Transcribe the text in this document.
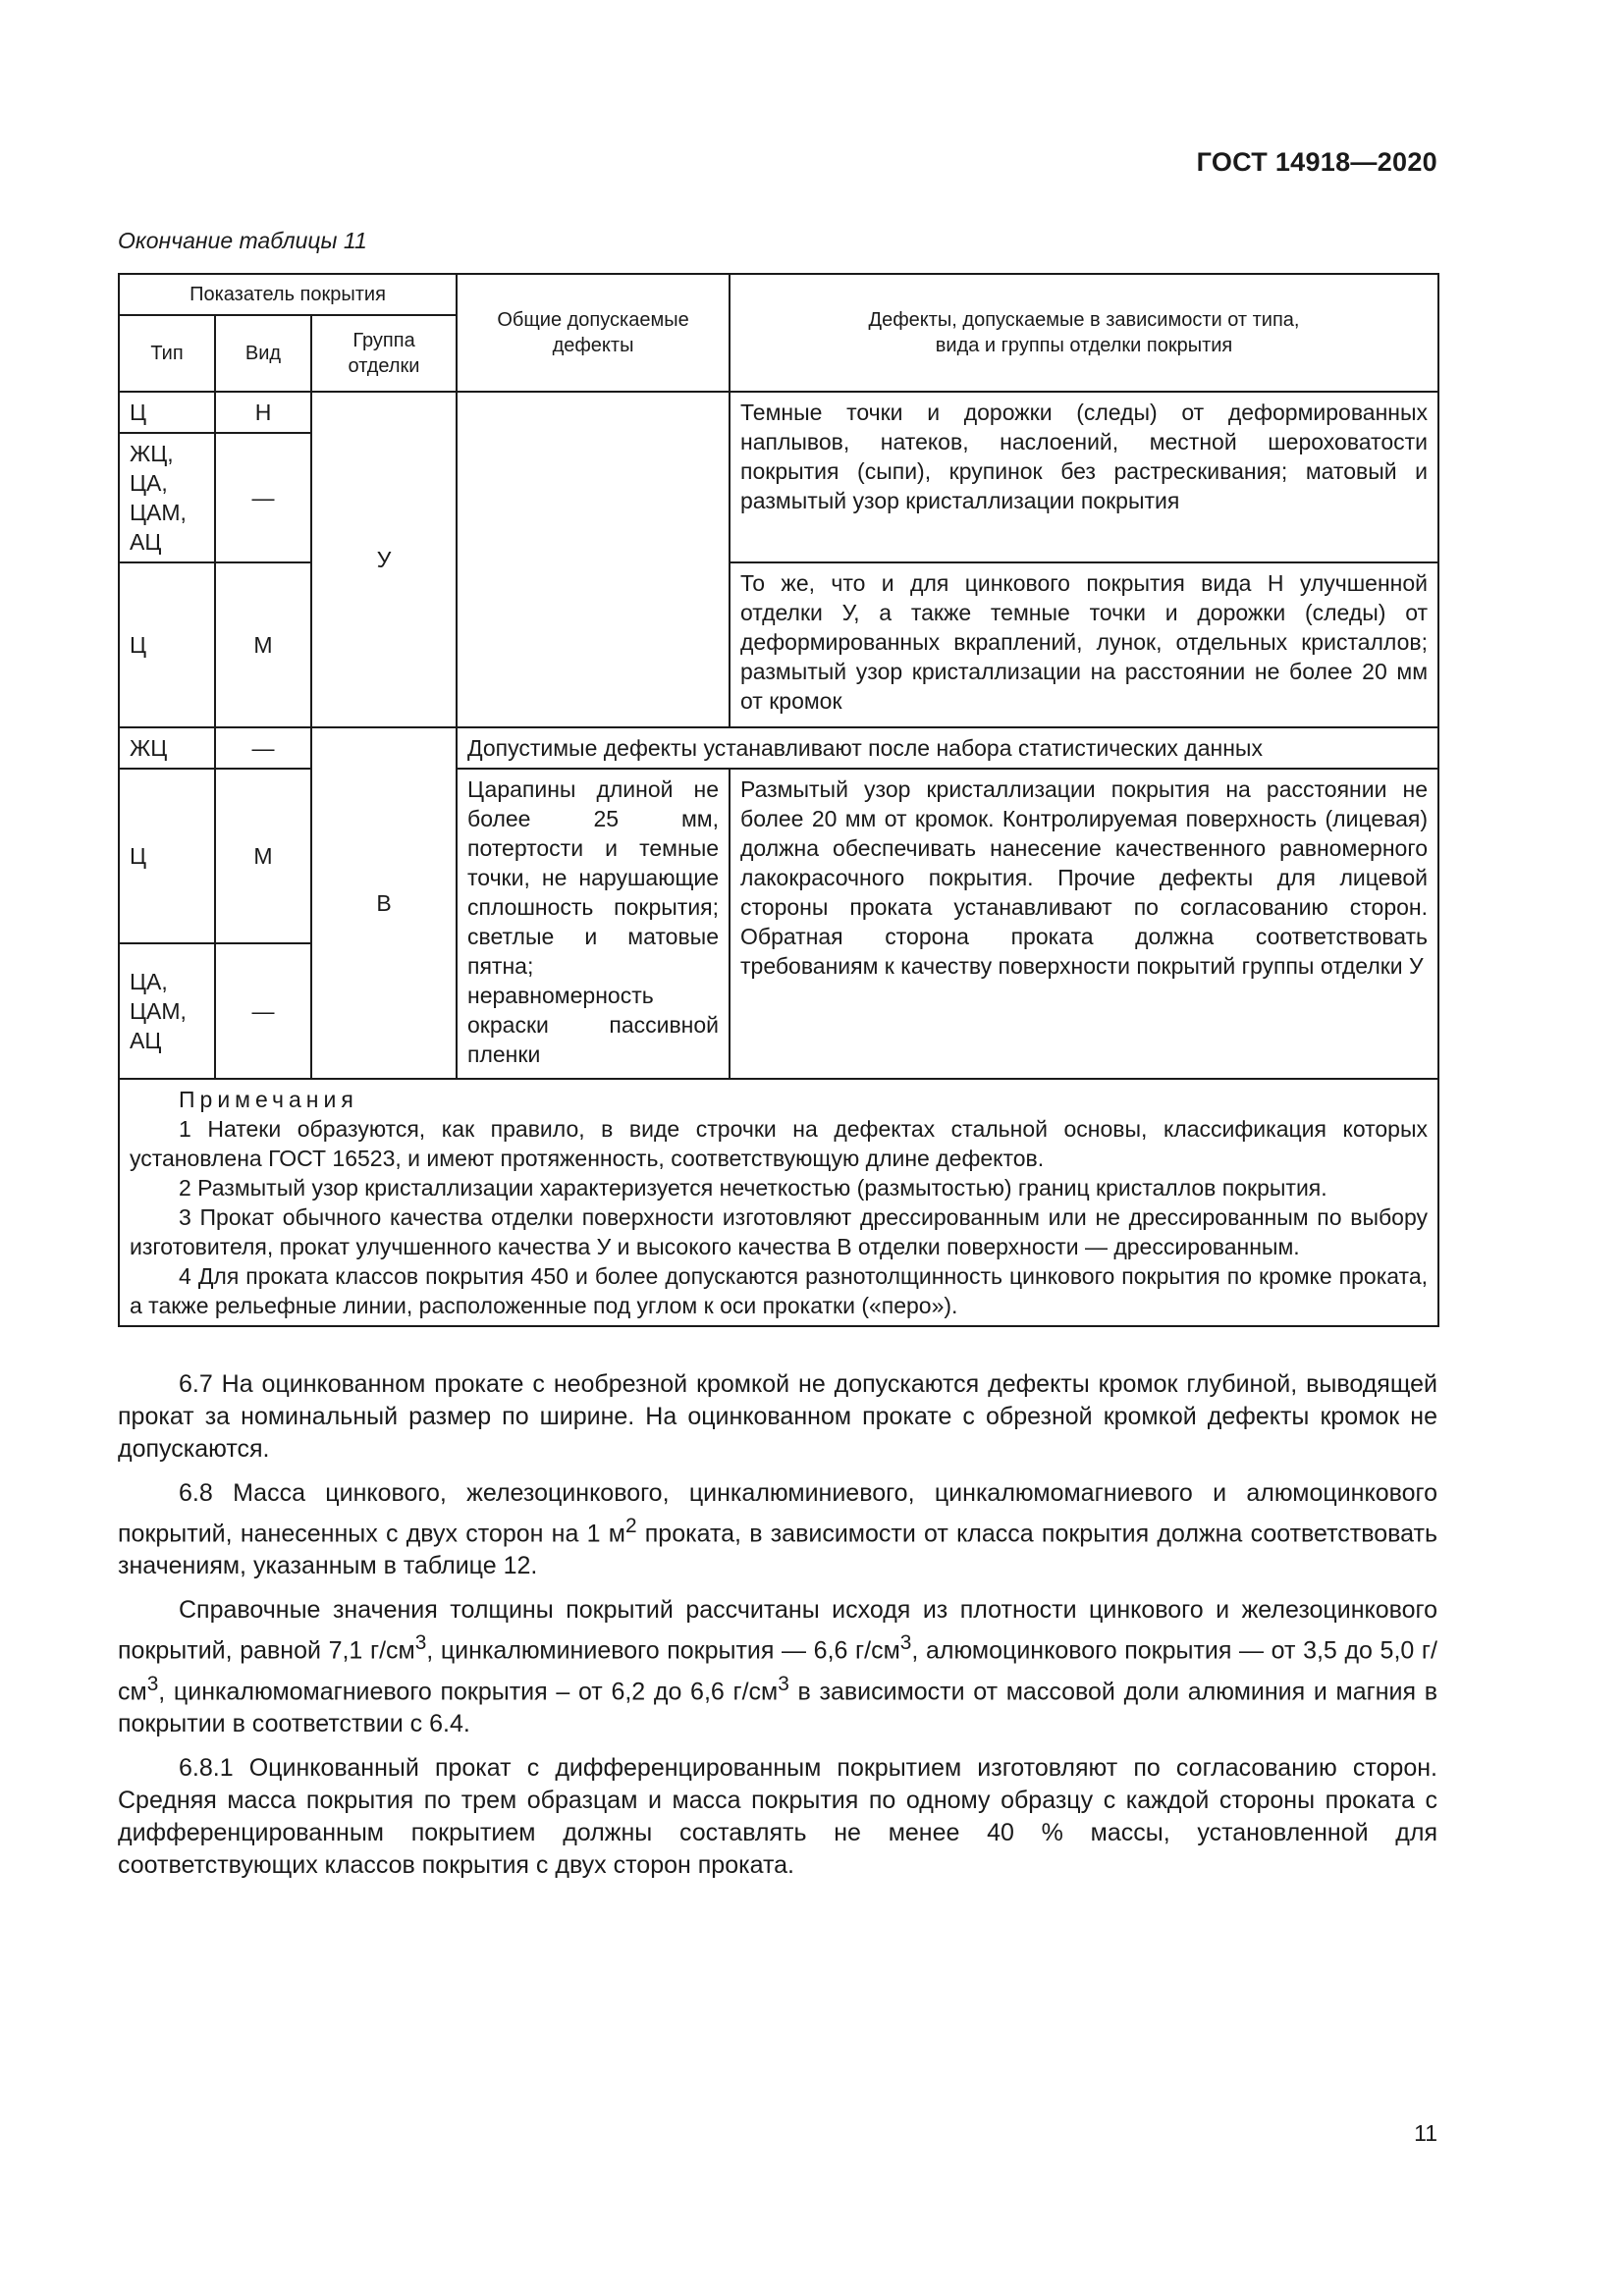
ГОСТ 14918—2020
Окончание таблицы 11
Показатель покрытия			Общие допускаемые дефекты	Дефекты, допускаемые в зависимости от типа, вида и группы отделки покрытия
Тип	Вид	Группа отделки		
Ц	Н	У		Темные точки и дорожки (следы) от деформированных наплывов, натеков, наслоений, местной шероховатости покрытия (сыпи), крупинок без растрескивания; матовый и размытый узор кристаллизации покрытия
ЖЦ, ЦА, ЦАМ, АЦ	—			
Ц	М			То же, что и для цинкового покрытия вида Н улучшенной отделки У, а также темные точки и дорожки (следы) от деформированных вкраплений, лунок, отдельных кристаллов; размытый узор кристаллизации на расстоянии не более 20 мм от кромок
ЖЦ	—	В	Допустимые дефекты устанавливают после набора статистических данных	
Ц	М		Царапины длиной не более 25 мм, потертости и темные точки, не нарушающие сплошность покрытия; светлые и матовые пятна; неравномерность окраски пассивной пленки	Размытый узор кристаллизации покрытия на расстоянии не более 20 мм от кромок. Контролируемая поверхность (лицевая) должна обеспечивать нанесение качественного равномерного лакокрасочного покрытия. Прочие дефекты для лицевой стороны проката устанавливают по согласованию сторон. Обратная сторона проката должна соответствовать требованиям к качеству поверхности покрытий группы отделки У
ЦА, ЦАМ, АЦ	—			

Примечания
1 Натеки образуются, как правило, в виде строчки на дефектах стальной основы, классификация которых установлена ГОСТ 16523, и имеют протяженность, соответствующую длине дефектов.
2 Размытый узор кристаллизации характеризуется нечеткостью (размытостью) границ кристаллов покрытия.
3 Прокат обычного качества отделки поверхности изготовляют дрессированным или не дрессированным по выбору изготовителя, прокат улучшенного качества У и высокого качества В отделки поверхности — дрессированным.
4 Для проката классов покрытия 450 и более допускаются разнотолщинность цинкового покрытия по кромке проката, а также рельефные линии, расположенные под углом к оси прокатки («перо»).				

6.7 На оцинкованном прокате с необрезной кромкой не допускаются дефекты кромок глубиной, выводящей прокат за номинальный размер по ширине. На оцинкованном прокате с обрезной кромкой дефекты кромок не допускаются.

6.8 Масса цинкового, железоцинкового, цинкалюминиевого, цинкалюмомагниевого и алюмоцинкового покрытий, нанесенных с двух сторон на 1 $м^2$ проката, в зависимости от класса покрытия должна соответствовать значениям, указанным в таблице 12.

Справочные значения толщины покрытий рассчитаны исходя из плотности цинкового и железоцинкового покрытий, равной 7,1 $г/см^3$, цинкалюминиевого покрытия — 6,6 $г/см^3$, алюмоцинкового покрытия — от 3,5 до 5,0 $г/см^3$, цинкалюмомагниевого покрытия – от 6,2 до 6,6 $г/см^3$ в зависимости от массовой доли алюминия и магния в покрытии в соответствии с 6.4.

6.8.1 Оцинкованный прокат с дифференцированным покрытием изготовляют по согласованию сторон. Средняя масса покрытия по трем образцам и масса покрытия по одному образцу с каждой стороны проката с дифференцированным покрытием должны составлять не менее 40 % массы, установленной для соответствующих классов покрытия с двух сторон проката.

11
